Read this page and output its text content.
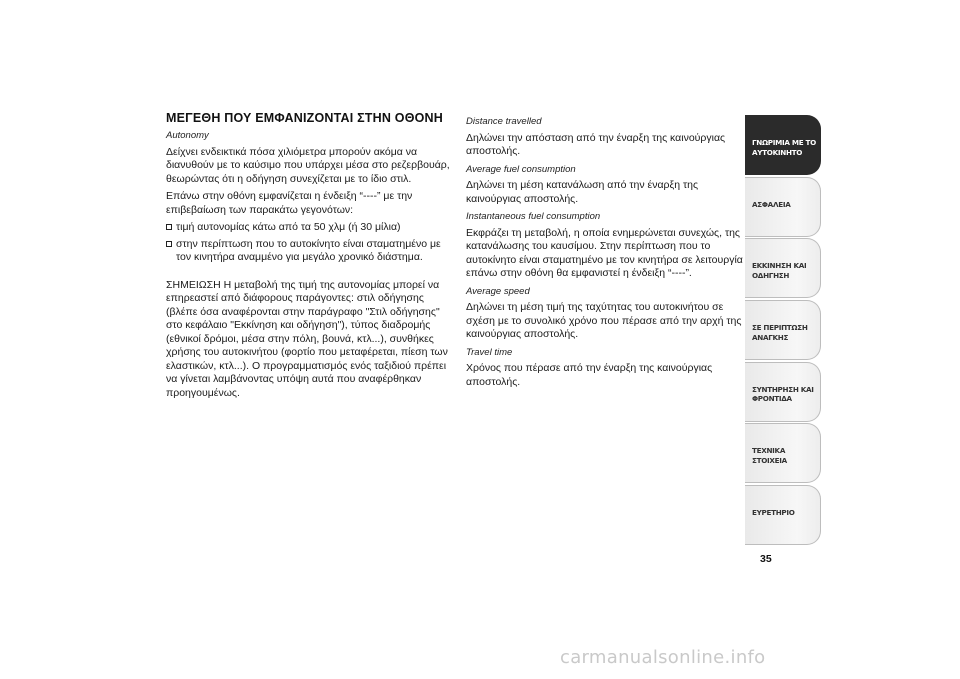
ΜΕΓΕΘΗ ΠΟΥ ΕΜΦΑΝΙΖΟΝΤΑΙ ΣΤΗΝ ΟΘΟΝΗ
Autonomy
Δείχνει ενδεικτικά πόσα χιλιόμετρα μπορούν ακόμα να διανυθούν με το καύσιμο που υπάρχει μέσα στο ρεζερβουάρ, θεωρώντας ότι η οδήγηση συνεχίζεται με το ίδιο στιλ.
Επάνω στην οθόνη εμφανίζεται η ένδειξη “----” με την επιβεβαίωση των παρακάτω γεγονότων:
τιμή αυτονομίας κάτω από τα 50 χλμ (ή 30 μίλια)
στην περίπτωση που το αυτοκίνητο είναι σταματημένο με τον κινητήρα αναμμένο για μεγάλο χρονικό διάστημα.
ΣΗΜΕΙΩΣΗ Η μεταβολή της τιμή της αυτονομίας μπορεί να επηρεαστεί από διάφορους παράγοντες: στιλ οδήγησης (βλέπε όσα αναφέρονται στην παράγραφο "Στιλ οδήγησης" στο κεφάλαιο "Εκκίνηση και οδήγηση"), τύπος διαδρομής (εθνικοί δρόμοι, μέσα στην πόλη, βουνά, κτλ...), συνθήκες χρήσης του αυτοκινήτου (φορτίο που μεταφέρεται, πίεση των ελαστικών, κτλ...). Ο προγραμματισμός ενός ταξιδιού πρέπει να γίνεται λαμβάνοντας υπόψη αυτά που αναφέρθηκαν προηγουμένως.
Distance travelled
Δηλώνει την απόσταση από την έναρξη της καινούργιας αποστολής.
Average fuel consumption
Δηλώνει τη μέση κατανάλωση από την έναρξη της καινούργιας αποστολής.
Instantaneous fuel consumption
Εκφράζει τη μεταβολή, η οποία ενημερώνεται συνεχώς, της κατανάλωσης του καυσίμου. Στην περίπτωση που το αυτοκίνητο είναι σταματημένο με τον κινητήρα σε λειτουργία επάνω στην οθόνη θα εμφανιστεί η ένδειξη “----”.
Average speed
Δηλώνει τη μέση τιμή της ταχύτητας του αυτοκινήτου σε σχέση με το συνολικό χρόνο που πέρασε από την αρχή της καινούργιας αποστολής.
Travel time
Χρόνος που πέρασε από την έναρξη της καινούργιας αποστολής.
ΓΝΩΡΙΜΙΑ ΜΕ ΤΟ ΑΥΤΟΚΙΝΗΤΟ
ΑΣΦΑΛΕΙΑ
ΕΚΚΙΝΗΣΗ ΚΑΙ ΟΔΗΓΗΣΗ
ΣΕ ΠΕΡΙΠΤΩΣΗ ΑΝΑΓΚΗΣ
ΣΥΝΤΗΡΗΣΗ ΚΑΙ ΦΡΟΝΤΙΔΑ
ΤΕΧΝΙΚΑ ΣΤΟΙΧΕΙΑ
ΕΥΡΕΤΗΡΙΟ
35
carmanualsonline.info
